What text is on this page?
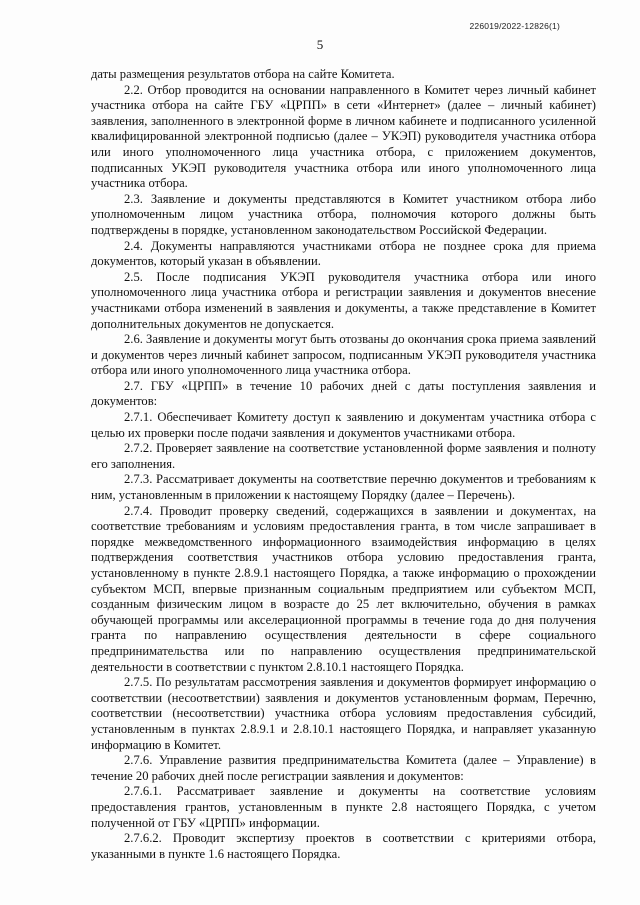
226019/2022-12826(1)
5

даты размещения результатов отбора на сайте Комитета.

2.2. Отбор проводится на основании направленного в Комитет через личный кабинет участника отбора на сайте ГБУ «ЦРПП» в сети «Интернет» (далее – личный кабинет) заявления, заполненного в электронной форме в личном кабинете и подписанного усиленной квалифицированной электронной подписью (далее – УКЭП) руководителя участника отбора или иного уполномоченного лица участника отбора, с приложением документов, подписанных УКЭП руководителя участника отбора или иного уполномоченного лица участника отбора.

2.3. Заявление и документы представляются в Комитет участником отбора либо уполномоченным лицом участника отбора, полномочия которого должны быть подтверждены в порядке, установленном законодательством Российской Федерации.

2.4. Документы направляются участниками отбора не позднее срока для приема документов, который указан в объявлении.

2.5. После подписания УКЭП руководителя участника отбора или иного уполномоченного лица участника отбора и регистрации заявления и документов внесение участниками отбора изменений в заявления и документы, а также представление в Комитет дополнительных документов не допускается.

2.6. Заявление и документы могут быть отозваны до окончания срока приема заявлений и документов через личный кабинет запросом, подписанным УКЭП руководителя участника отбора или иного уполномоченного лица участника отбора.

2.7. ГБУ «ЦРПП» в течение 10 рабочих дней с даты поступления заявления и документов:

2.7.1. Обеспечивает Комитету доступ к заявлению и документам участника отбора с целью их проверки после подачи заявления и документов участниками отбора.

2.7.2. Проверяет заявление на соответствие установленной форме заявления и полноту его заполнения.

2.7.3. Рассматривает документы на соответствие перечню документов и требованиям к ним, установленным в приложении к настоящему Порядку (далее – Перечень).

2.7.4. Проводит проверку сведений, содержащихся в заявлении и документах, на соответствие требованиям и условиям предоставления гранта, в том числе запрашивает в порядке межведомственного информационного взаимодействия информацию в целях подтверждения соответствия участников отбора условию предоставления гранта, установленному в пункте 2.8.9.1 настоящего Порядка, а также информацию о прохождении субъектом МСП, впервые признанным социальным предприятием или субъектом МСП, созданным физическим лицом в возрасте до 25 лет включительно, обучения в рамках обучающей программы или акселерационной программы в течение года до дня получения гранта по направлению осуществления деятельности в сфере социального предпринимательства или по направлению осуществления предпринимательской деятельности в соответствии с пунктом 2.8.10.1 настоящего Порядка.

2.7.5. По результатам рассмотрения заявления и документов формирует информацию о соответствии (несоответствии) заявления и документов установленным формам, Перечню, соответствии (несоответствии) участника отбора условиям предоставления субсидий, установленным в пунктах 2.8.9.1 и 2.8.10.1 настоящего Порядка, и направляет указанную информацию в Комитет.

2.7.6. Управление развития предпринимательства Комитета (далее – Управление) в течение 20 рабочих дней после регистрации заявления и документов:

2.7.6.1. Рассматривает заявление и документы на соответствие условиям предоставления грантов, установленным в пункте 2.8 настоящего Порядка, с учетом полученной от ГБУ «ЦРПП» информации.

2.7.6.2. Проводит экспертизу проектов в соответствии с критериями отбора, указанными в пункте 1.6 настоящего Порядка.
